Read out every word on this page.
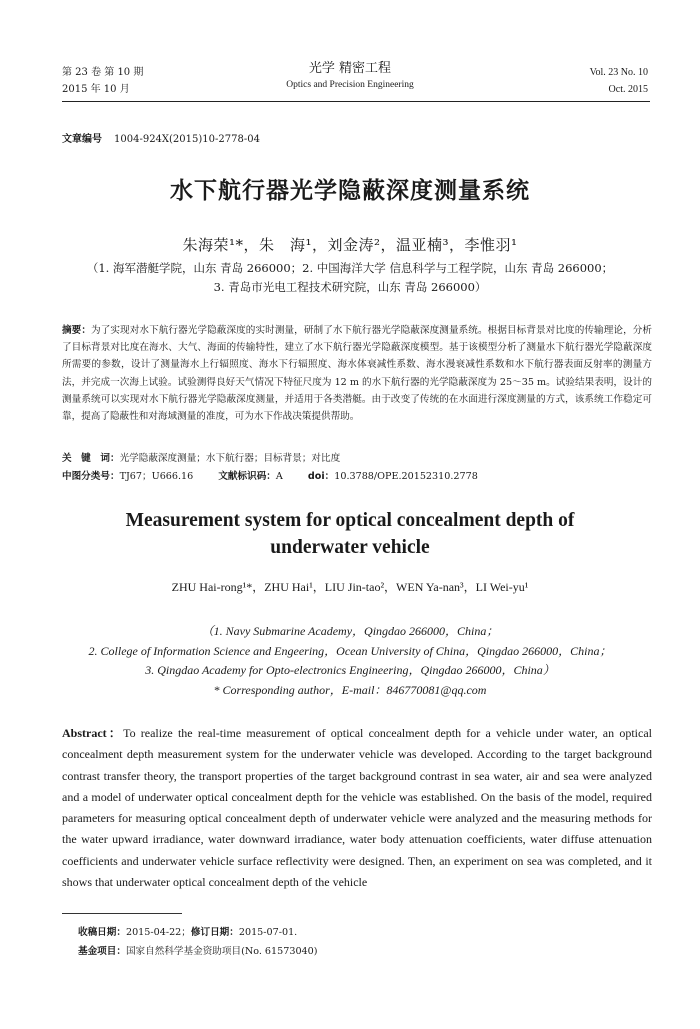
第 23 卷 第 10 期
2015 年 10 月
光学 精密工程
Optics and Precision Engineering
Vol. 23 No. 10
Oct. 2015
文章编号 1004-924X(2015)10-2778-04
水下航行器光学隐蔽深度测量系统
朱海荣¹*，朱　海¹，刘金涛²，温亚楠³，李惟羽¹
（1. 海军潜艇学院，山东 青岛 266000；2. 中国海洋大学 信息科学与工程学院，山东 青岛 266000；
3. 青岛市光电工程技术研究院，山东 青岛 266000）
摘要：为了实现对水下航行器光学隐蔽深度的实时测量，研制了水下航行器光学隐蔽深度测量系统。根据目标背景对比度的传输理论，分析了目标背景对比度在海水、大气、海面的传输特性，建立了水下航行器光学隐蔽深度模型。基于该模型分析了测量水下航行器光学隐蔽深度所需要的参数，设计了测量海水上行辐照度、海水下行辐照度、海水体衰减性系数、海水漫衰减性系数和水下航行器表面反射率的测量方法，并完成一次海上试验。试验测得良好天气情况下特征尺度为 12 m 的水下航行器的光学隐蔽深度为 25～35 m。试验结果表明，设计的测量系统可以实现对水下航行器光学隐蔽深度测量，并适用于各类潜艇。由于改变了传统的在水面进行深度测量的方式，该系统工作稳定可靠，提高了隐蔽性和对海域测量的准度，可为水下作战决策提供帮助。
关　键　词：光学隐蔽深度测量；水下航行器；目标背景；对比度
中图分类号：TJ67；U666.16	文献标识码：A	doi：10.3788/OPE.20152310.2778
Measurement system for optical concealment depth of
underwater vehicle
ZHU Hai-rong¹*，ZHU Hai¹，LIU Jin-tao²，WEN Ya-nan³，LI Wei-yu¹
（1. Navy Submarine Academy，Qingdao 266000，China；
2. College of Information Science and Engeering，Ocean University of China，Qingdao 266000，China；
3. Qingdao Academy for Opto-electronics Engineering，Qingdao 266000，China）
* Corresponding author，E-mail：846770081@qq.com
Abstract：To realize the real-time measurement of optical concealment depth for a vehicle under water, an optical concealment depth measurement system for the underwater vehicle was developed. According to the target background contrast transfer theory, the transport properties of the target background contrast in sea water, air and sea were analyzed and a model of underwater optical concealment depth for the vehicle was established. On the basis of the model, required parameters for measuring optical concealment depth of underwater vehicle were analyzed and the measuring methods for the water upward irradiance, water downward irradiance, water body attenuation coefficients, water diffuse attenuation coefficients and underwater vehicle surface reflectivity were designed. Then, an experiment on sea was completed, and it shows that underwater optical concealment depth of the vehicle
收稿日期：2015-04-22；修订日期：2015-07-01.
基金项目：国家自然科学基金资助项目(No. 61573040)
